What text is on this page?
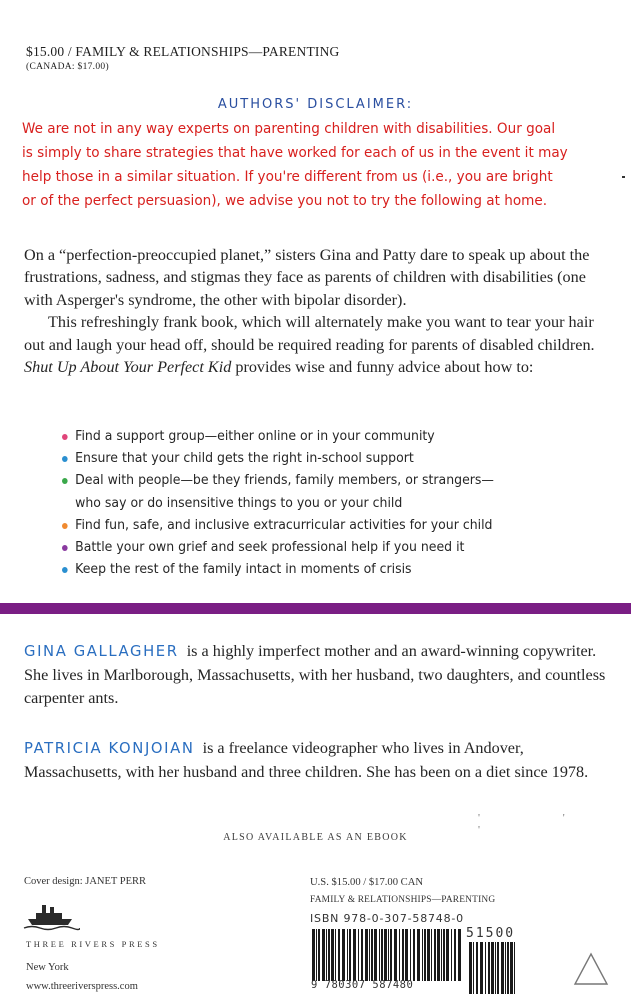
$15.00 / FAMILY & RELATIONSHIPS—PARENTING
(CANADA: $17.00)
AUTHORS' DISCLAIMER:
We are not in any way experts on parenting children with disabilities. Our goal
is simply to share strategies that have worked for each of us in the event it may
help those in a similar situation. If you're different from us (i.e., you are bright
or of the perfect persuasion), we advise you not to try the following at home.

On a “perfection-preoccupied planet,” sisters Gina and Patty dare to speak up about the frustrations, sadness, and stigmas they face as parents of children with disabilities (one with Asperger's syndrome, the other with bipolar disorder).

This refreshingly frank book, which will alternately make you want to tear your hair out and laugh your head off, should be required reading for parents of disabled children. Shut Up About Your Perfect Kid provides wise and funny advice about how to:

Find a support group—either online or in your community
Ensure that your child gets the right in-school support
Deal with people—be they friends, family members, or strangers—
who say or do insensitive things to you or your child
Find fun, safe, and inclusive extracurricular activities for your child
Battle your own grief and seek professional help if you need it
Keep the rest of the family intact in moments of crisis
GINA GALLAGHER is a highly imperfect mother and an award-winning copywriter. She lives in Marlborough, Massachusetts, with her husband, two daughters, and countless carpenter ants.
PATRICIA KONJOIAN is a freelance videographer who lives in Andover, Massachusetts, with her husband and three children. She has been on a diet since 1978.
' ' '
ALSO AVAILABLE AS AN EBOOK
Cover design: JANET PERR
THREE RIVERS PRESS
New York
www.threeriverspress.com
U.S. $15.00 / $17.00 CAN
FAMILY & RELATIONSHIPS—PARENTING
ISBN 978-0-307-58748-0
9 780307 587480
51500
